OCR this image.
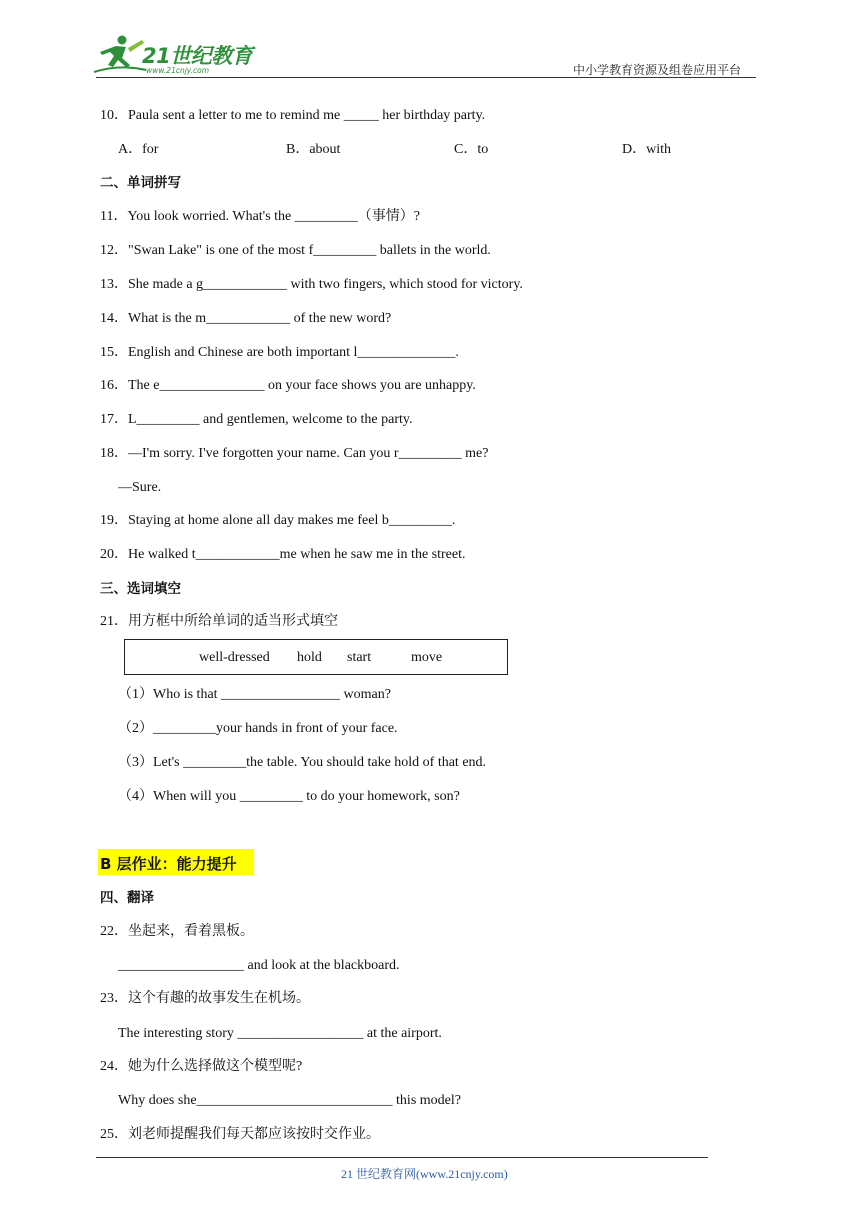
21世纪教育
www.21cnjy.com	中小学教育资源及组卷应用平台
10．Paula sent a letter to me to remind me _____ her birthday party.
A．for	B．about	C．to	D．with
二、单词拼写
11．You look worried. What's the _________（事情）?
12．"Swan Lake" is one of the most f_________ ballets in the world.
13．She made a g____________ with two fingers, which stood for victory.
14．What is the m____________ of the new word?
15．English and Chinese are both important l______________.
16．The e_______________ on your face shows you are unhappy.
17．L_________ and gentlemen, welcome to the party.
18．—I'm sorry. I've forgotten your name. Can you r_________ me?
—Sure.
19．Staying at home alone all day makes me feel b_________.
20．He walked t____________me when he saw me in the street.
三、选词填空
21．用方框中所给单词的适当形式填空
well-dressed hold start	move
（1）Who is that _________________ woman?
（2）_________your hands in front of your face.
（3）Let's _________the table. You should take hold of that end.
（4）When will you _________ to do your homework, son?
B 层作业：能力提升
四、翻译
22．坐起来，看着黑板。
__________________ and look at the blackboard.
23．这个有趣的故事发生在机场。
The interesting story __________________ at the airport.
24．她为什么选择做这个模型呢?
Why does she____________________________ this model?
25．刘老师提醒我们每天都应该按时交作业。
21 世纪教育网(www.21cnjy.com)
